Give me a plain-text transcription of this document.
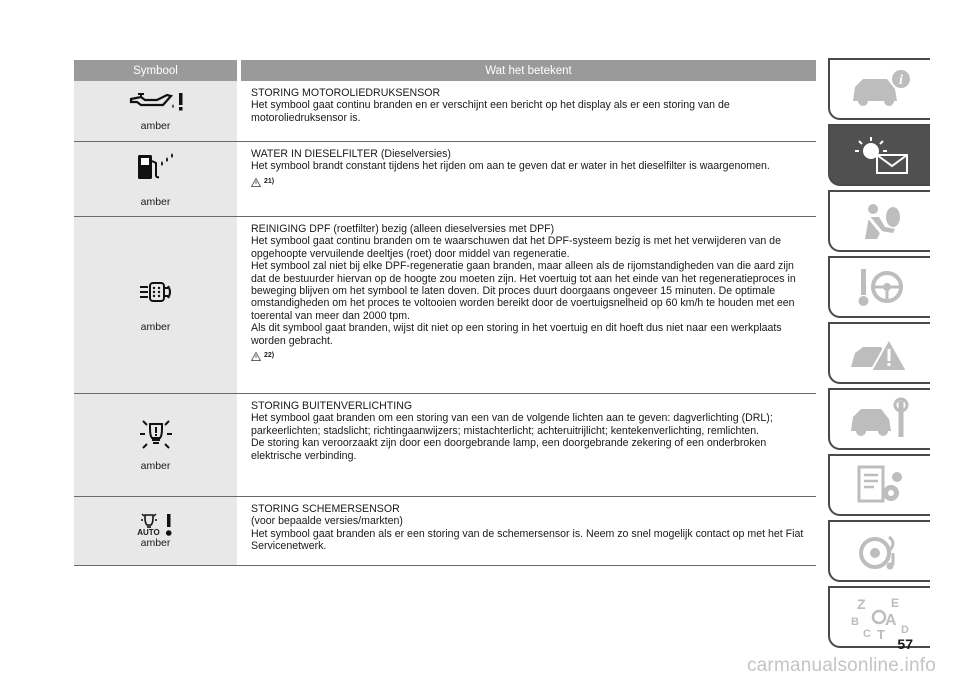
Symbool	Wat het betekent
amber

STORING MOTOROLIEDRUKSENSOR

Het symbool gaat continu branden en er verschijnt een bericht op het display als er een storing van de motoroliedruksensor is.

amber

WATER IN DIESELFILTER (Dieselversies)

Het symbool brandt constant tijdens het rijden om aan te geven dat er water in het dieselfilter is waargenomen.

21)
amber

REINIGING DPF (roetfilter) bezig (alleen dieselversies met DPF)

Het symbool gaat continu branden om te waarschuwen dat het DPF-systeem bezig is met het verwijderen van de opgehoopte vervuilende deeltjes (roet) door middel van regeneratie.

Het symbool zal niet bij elke DPF-regeneratie gaan branden, maar alleen als de rijomstandigheden van die aard zijn dat de bestuurder hiervan op de hoogte zou moeten zijn. Het voertuig tot aan het einde van het regeneratieproces in beweging blijven om het symbool te laten doven. Dit proces duurt doorgaans ongeveer 15 minuten. De optimale omstandigheden om het proces te voltooien worden bereikt door de voertuigsnelheid op 60 km/h te houden met een toerental van meer dan 2000 tpm.

Als dit symbool gaat branden, wijst dit niet op een storing in het voertuig en dit hoeft dus niet naar een werkplaats worden gebracht.

22)
amber

STORING BUITENVERLICHTING

Het symbool gaat branden om een storing van een van de volgende lichten aan te geven: dagverlichting (DRL); parkeerlichten; stadslicht; richtingaanwijzers; mistachterlicht; achteruitrijlicht; kentekenverlichting, remlichten.

De storing kan veroorzaakt zijn door een doorgebrande lamp, een doorgebrande zekering of een onderbroken elektrische verbinding.

AUTO
amber

STORING SCHEMERSENSOR

(voor bepaalde versies/markten)

Het symbool gaat branden als er een storing van de schemersensor is. Neem zo snel mogelijk contact op met het Fiat Servicenetwerk.

i
Z E
B A
C T D
57
carmanualsonline.info
